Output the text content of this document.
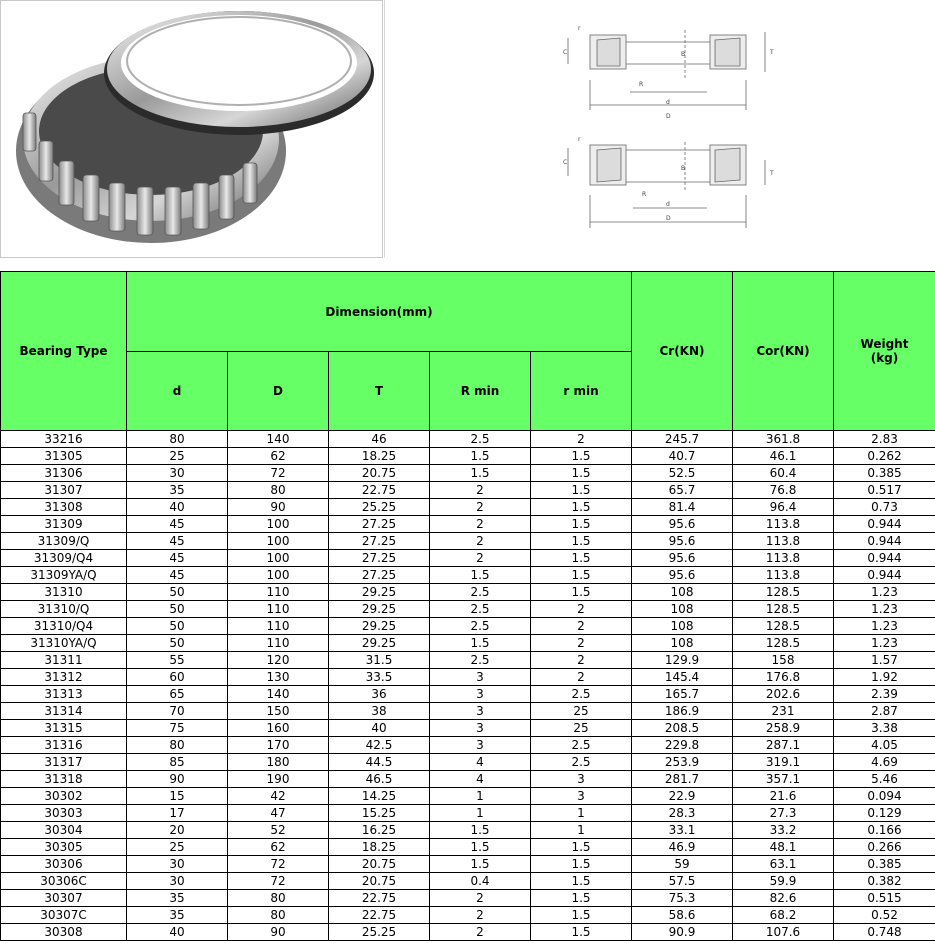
C	B	T
d
D
R
r
C
B
T
d
D
R
r
Bearing Type	Dimension(mm)					Cr(KN)	Cor(KN)	Weight
(kg)
	d	D	T	R min	r min			
33216	80	140	46	2.5	2	245.7	361.8	2.83
31305	25	62	18.25	1.5	1.5	40.7	46.1	0.262
31306	30	72	20.75	1.5	1.5	52.5	60.4	0.385
31307	35	80	22.75	2	1.5	65.7	76.8	0.517
31308	40	90	25.25	2	1.5	81.4	96.4	0.73
31309	45	100	27.25	2	1.5	95.6	113.8	0.944
31309/Q	45	100	27.25	2	1.5	95.6	113.8	0.944
31309/Q4	45	100	27.25	2	1.5	95.6	113.8	0.944
31309YA/Q	45	100	27.25	1.5	1.5	95.6	113.8	0.944
31310	50	110	29.25	2.5	1.5	108	128.5	1.23
31310/Q	50	110	29.25	2.5	2	108	128.5	1.23
31310/Q4	50	110	29.25	2.5	2	108	128.5	1.23
31310YA/Q	50	110	29.25	1.5	2	108	128.5	1.23
31311	55	120	31.5	2.5	2	129.9	158	1.57
31312	60	130	33.5	3	2	145.4	176.8	1.92
31313	65	140	36	3	2.5	165.7	202.6	2.39
31314	70	150	38	3	25	186.9	231	2.87
31315	75	160	40	3	25	208.5	258.9	3.38
31316	80	170	42.5	3	2.5	229.8	287.1	4.05
31317	85	180	44.5	4	2.5	253.9	319.1	4.69
31318	90	190	46.5	4	3	281.7	357.1	5.46
30302	15	42	14.25	1	3	22.9	21.6	0.094
30303	17	47	15.25	1	1	28.3	27.3	0.129
30304	20	52	16.25	1.5	1	33.1	33.2	0.166
30305	25	62	18.25	1.5	1.5	46.9	48.1	0.266
30306	30	72	20.75	1.5	1.5	59	63.1	0.385
30306C	30	72	20.75	0.4	1.5	57.5	59.9	0.382
30307	35	80	22.75	2	1.5	75.3	82.6	0.515
30307C	35	80	22.75	2	1.5	58.6	68.2	0.52
30308	40	90	25.25	2	1.5	90.9	107.6	0.748
